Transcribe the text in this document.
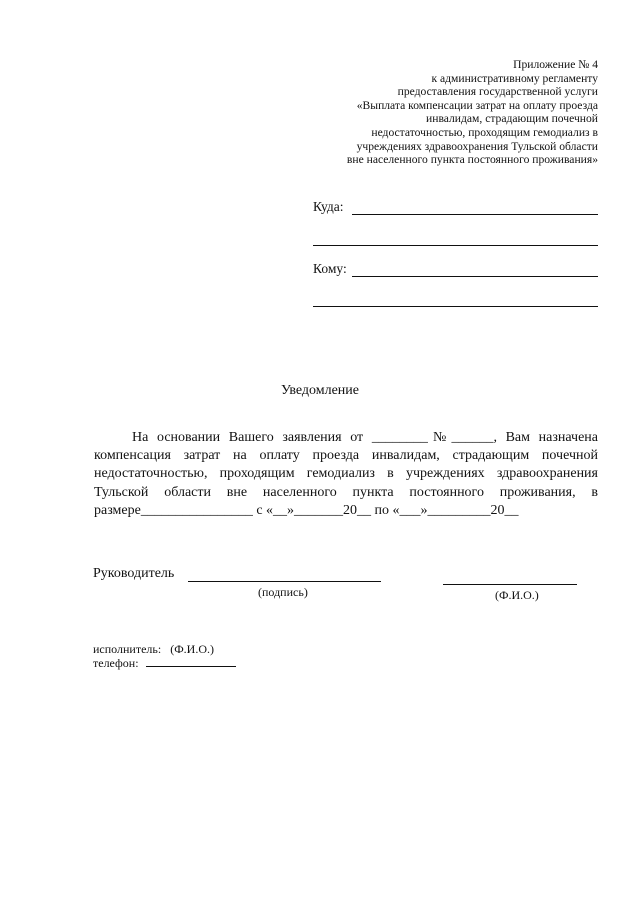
Приложение № 4
к административному регламенту
предоставления государственной услуги
«Выплата компенсации затрат на оплату проезда
инвалидам, страдающим почечной
недостаточностью, проходящим гемодиализ в
учреждениях здравоохранения Тульской области
вне населенного пункта постоянного проживания»
Куда:
Кому:
Уведомление
На основании Вашего заявления от ________№______, Вам назначена
компенсация затрат на оплату проезда инвалидам, страдающим почечной
недостаточностью, проходящим гемодиализ в учреждениях здравоохранения
Тульской области вне населенного пункта постоянного проживания, в
размере________________ с «__»_______20__ по «___»_________20__
Руководитель
(подпись)	(Ф.И.О.)
исполнитель:   (Ф.И.О.)
телефон:
